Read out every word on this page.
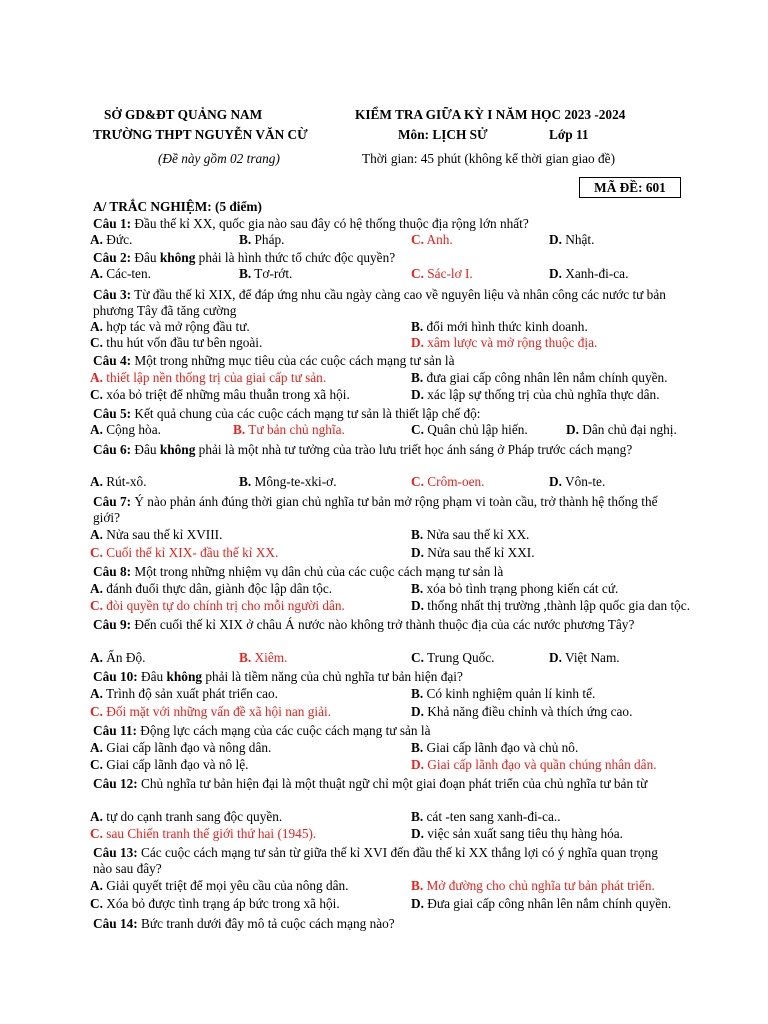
SỞ GD&ĐT QUẢNG NAM	KIỂM TRA GIỮA KỲ I NĂM HỌC 2023 -2024
TRƯỜNG THPT NGUYỄN VĂN CỪ	Môn: LỊCH SỬ	Lớp 11
(Đề này gồm 02 trang)	Thời gian: 45 phút (không kể thời gian giao đề)
MÃ ĐỀ: 601
A/ TRẮC NGHIỆM: (5 điểm)
Câu 1: Đầu thế kỉ XX, quốc gia nào sau đây có hệ thống thuộc địa rộng lớn nhất?
A. Đức.	B. Pháp.	C. Anh.	D. Nhật.
Câu 2: Đâu không phải là hình thức tổ chức độc quyền?
A. Các-ten.	B. Tơ-rớt.	C. Sác-lơ I.	D. Xanh-đi-ca.
Câu 3: Từ đầu thế kỉ XIX, để đáp ứng nhu cầu ngày càng cao về nguyên liệu và nhân công các nước tư bản phương Tây đã tăng cường
A. hợp tác và mở rộng đầu tư.	B. đổi mới hình thức kinh doanh.
C. thu hút vốn đầu tư bên ngoài.	D. xâm lược và mở rộng thuộc địa.
Câu 4: Một trong những mục tiêu của các cuộc cách mạng tư sản là
A. thiết lập nền thống trị của giai cấp tư sản.	B. đưa giai cấp công nhân lên nắm chính quyền.
C. xóa bỏ triệt để những mâu thuẫn trong xã hội.	D. xác lập sự thống trị của chủ nghĩa thực dân.
Câu 5: Kết quả chung của các cuộc cách mạng tư sản là thiết lập chế độ:
A. Cộng hòa.	B. Tư bản chủ nghĩa.	C. Quân chủ lập hiến.	D. Dân chủ đại nghị.
Câu 6: Đâu không phải là một nhà tư tưởng của trào lưu triết học ánh sáng ở Pháp trước cách mạng?
A. Rút-xô.	B. Mông-te-xki-ơ.	C. Crôm-oen.	D. Vôn-te.
Câu 7: Ý nào phản ánh đúng thời gian chủ nghĩa tư bản mở rộng phạm vi toàn cầu, trở thành hệ thống thế giới?
A. Nửa sau thế kỉ XVIII.	B. Nửa sau thế kỉ XX.
C. Cuối thế kỉ XIX- đầu thế kỉ XX.	D. Nửa sau thế kỉ XXI.
Câu 8: Một trong những nhiệm vụ dân chủ của các cuộc cách mạng tư sản là
A. đánh đuổi thực dân, giành độc lập dân tộc.	B. xóa bỏ tình trạng phong kiến cát cứ.
C. đòi quyền tự do chính trị cho mỗi người dân.	D. thống nhất thị trường ,thành lập quốc gia dan tộc.
Câu 9: Đến cuối thế kỉ XIX ở châu Á nước nào không trở thành thuộc địa của các nước phương Tây?
A. Ấn Độ.	B. Xiêm.	C. Trung Quốc.	D. Việt Nam.
Câu 10: Đâu không phải là tiềm năng của chủ nghĩa tư bản hiện đại?
A. Trình độ sản xuất phát triển cao.	B. Có kinh nghiệm quản lí kinh tế.
C. Đối mặt với những vấn đề xã hội nan giải.	D. Khả năng điều chỉnh và thích ứng cao.
Câu 11: Động lực cách mạng của các cuộc cách mạng tư sản là
A. Giai cấp lãnh đạo và nông dân.	B. Giai cấp lãnh đạo và chủ nô.
C. Giai cấp lãnh đạo và nô lệ.	D. Giai cấp lãnh đạo và quần chúng nhân dân.
Câu 12: Chủ nghĩa tư bản hiện đại là một thuật ngữ chỉ một giai đoạn phát triển của chủ nghĩa tư bản từ
A. tự do cạnh tranh sang độc quyền.	B. cát -ten sang xanh-đi-ca..
C. sau Chiến tranh thế giới thứ hai (1945).	D. việc sản xuất sang tiêu thụ hàng hóa.
Câu 13: Các cuộc cách mạng tư sản từ giữa thế kỉ XVI đến đầu thế kỉ XX thắng lợi có ý nghĩa quan trọng nào sau đây?
A. Giải quyết triệt để mọi yêu cầu của nông dân.	B. Mở đường cho chủ nghĩa tư bản phát triển.
C. Xóa bỏ được tình trạng áp bức trong xã hội.	D. Đưa giai cấp công nhân lên nắm chính quyền.
Câu 14: Bức tranh dưới đây mô tả cuộc cách mạng nào?
